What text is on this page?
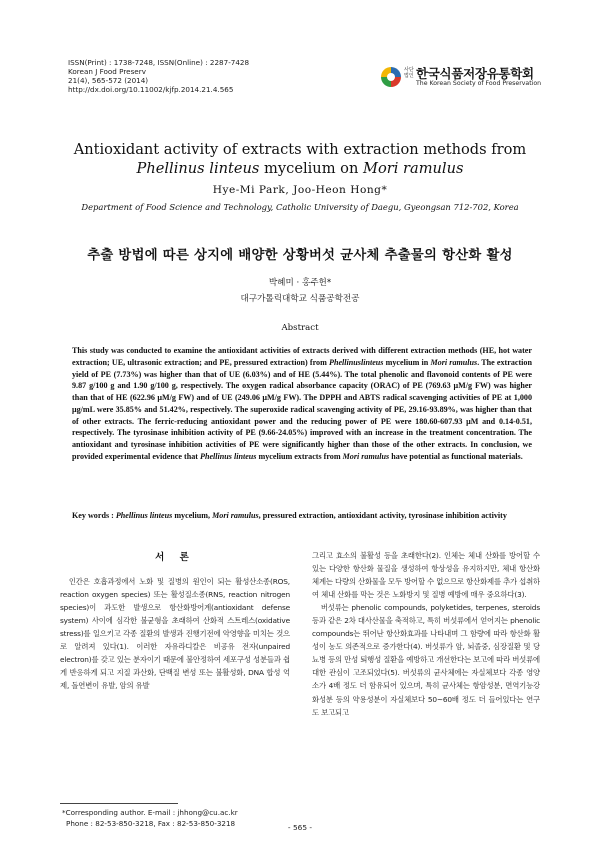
ISSN(Print) : 1738-7248, ISSN(Online) : 2287-7428
Korean J Food Preserv
21(4), 565-572 (2014)
http://dx.doi.org/10.11002/kjfp.2014.21.4.565
사단
법인 한국식품저장유통학회
The Korean Society of Food Preservation
Antioxidant activity of extracts with extraction methods from
Phellinus linteus mycelium on Mori ramulus
Hye-Mi Park, Joo-Heon Hong*
Department of Food Science and Technology, Catholic University of Daegu, Gyeongsan 712-702, Korea
추출 방법에 따른 상지에 배양한 상황버섯 균사체 추출물의 항산화 활성
박혜미 · 홍주헌*
대구가톨릭대학교 식품공학전공
Abstract

This study was conducted to examine the antioxidant activities of extracts derived with different extraction methods (HE, hot water extraction; UE, ultrasonic extraction; and PE, pressured extraction) from Phellinuslinteus mycelium in Mori ramulus. The extraction yield of PE (7.73%) was higher than that of UE (6.03%) and of HE (5.44%). The total phenolic and flavonoid contents of PE were 9.87 g/100 g and 1.90 g/100 g, respectively. The oxygen radical absorbance capacity (ORAC) of PE (769.63 μM/g FW) was higher than that of HE (622.96 μM/g FW) and of UE (249.06 μM/g FW). The DPPH and ABTS radical scavenging activities of PE at 1,000 μg/mL were 35.85% and 51.42%, respectively. The superoxide radical scavenging activity of PE, 29.16-93.89%, was higher than that of other extracts. The ferric-reducing antioxidant power and the reducing power of PE were 180.60-607.93 μM and 0.14-0.51, respectively. The tyrosinase inhibition activity of PE (9.66-24.05%) improved with an increase in the treatment concentration. The antioxidant and tyrosinase inhibition activities of PE were significantly higher than those of the other extracts. In conclusion, we provided experimental evidence that Phellinus linteus mycelium extracts from Mori ramulus have potential as functional materials.

Key words : Phellinus linteus mycelium, Mori ramulus, pressured extraction, antioxidant activity, tyrosinase inhibition activity
서 론

인간은 호흡과정에서 노화 및 질병의 원인이 되는 활성산소종(ROS, reaction oxygen species) 또는 활성질소종(RNS, reaction nitrogen species)이 과도한 발생으로 항산화방어계(antioxidant defense system) 사이에 심각한 불균형을 초래하여 산화적 스트레스(oxidative stress)를 일으키고 각종 질환의 발생과 진행기전에 악영향을 미치는 것으로 알려져 있다(1). 이러한 자유라디칼은 비공유 전자(unpaired electron)를 갖고 있는 분자이기 때문에 불안정하여 세포구성 성분들과 쉽게 반응하게 되고 지질 과산화, 단백질 변성 또는 불활성화, DNA 합성 억제, 돌연변이 유발, 암의 유발

그리고 효소의 불활성 등을 초래한다(2). 인체는 체내 산화를 방어할 수 있는 다양한 항산화 물질을 생성하여 항상성을 유지하지만, 체내 항산화 체계는 다량의 산화물을 모두 방어할 수 없으므로 항산화제를 추가 섭취하여 체내 산화를 막는 것은 노화방지 및 질병 예방에 매우 중요하다(3).

버섯류는 phenolic compounds, polyketides, terpenes, steroids 등과 같은 2차 대사산물을 축적하고, 특히 버섯류에서 얻어지는 phenolic compounds는 뛰어난 항산화효과를 나타내며 그 함량에 따라 항산화 활성이 농도 의존적으로 증가한다(4). 버섯류가 암, 뇌졸중, 심장질환 및 당뇨병 등의 만성 퇴행성 질환을 예방하고 개선한다는 보고에 따라 버섯류에 대한 관심이 고조되었다(5). 버섯류의 균사체에는 자실체보다 각종 영양소가 4배 정도 더 함유되어 있으며, 특히 균사체는 항암성분, 면역기능강화성분 등의 약용성분이 자실체보다 50~60배 정도 더 들어있다는 연구도 보고되고

*Corresponding author. E-mail : jhhong@cu.ac.kr
Phone : 82-53-850-3218, Fax : 82-53-850-3218	- 565 -
